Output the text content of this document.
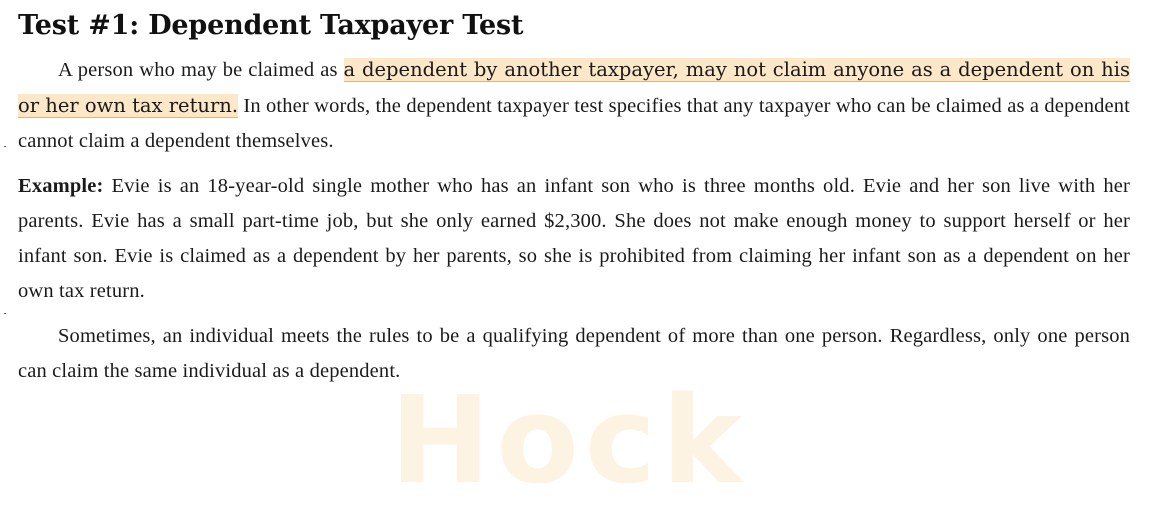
Hock
Test #1: Dependent Taxpayer Test

A person who may be claimed as a dependent by another taxpayer, may not claim anyone as a dependent on his or her own tax return. In other words, the dependent taxpayer test specifies that any taxpayer who can be claimed as a dependent cannot claim a dependent themselves.

Example: Evie is an 18-year-old single mother who has an infant son who is three months old. Evie and her son live with her parents. Evie has a small part-time job, but she only earned $2,300. She does not make enough money to support herself or her infant son. Evie is claimed as a dependent by her parents, so she is prohibited from claiming her infant son as a dependent on her own tax return.

Sometimes, an individual meets the rules to be a qualifying dependent of more than one person. Regardless, only one person can claim the same individual as a dependent.
